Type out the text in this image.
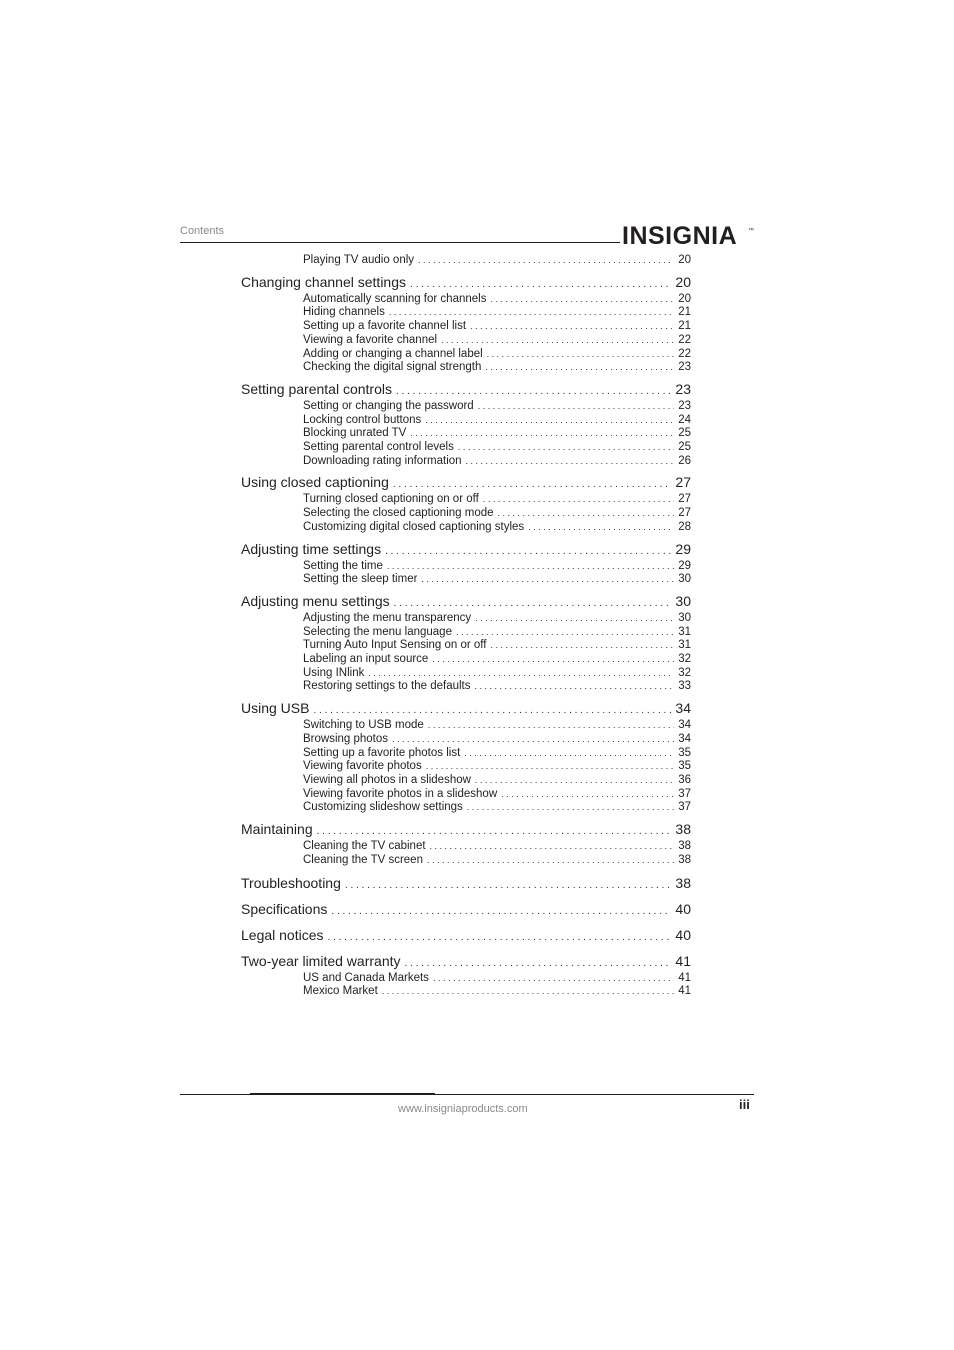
Contents	INSIGNIA ™
Playing TV audio only . . .	20
Changing channel settings . . .	20
Automatically scanning for channels . . .	20
Hiding channels . . .	21
Setting up a favorite channel list . . .	21
Viewing a favorite channel . . .	22
Adding or changing a channel label . . .	22
Checking the digital signal strength . . .	23
Setting parental controls . . .	23
Setting or changing the password . . .	23
Locking control buttons . . .	24
Blocking unrated TV . . .	25
Setting parental control levels . . .	25
Downloading rating information . . .	26
Using closed captioning . . .	27
Turning closed captioning on or off . . .	27
Selecting the closed captioning mode . . .	27
Customizing digital closed captioning styles . . .	28
Adjusting time settings . . .	29
Setting the time . . .	29
Setting the sleep timer . . .	30
Adjusting menu settings . . .	30
Adjusting the menu transparency . . .	30
Selecting the menu language . . .	31
Turning Auto Input Sensing on or off . . .	31
Labeling an input source . . .	32
Using INlink . . .	32
Restoring settings to the defaults . . .	33
Using USB . . .	34
Switching to USB mode . . .	34
Browsing photos . . .	34
Setting up a favorite photos list . . .	35
Viewing favorite photos . . .	35
Viewing all photos in a slideshow . . .	36
Viewing favorite photos in a slideshow . . .	37
Customizing slideshow settings . . .	37
Maintaining . . .	38
Cleaning the TV cabinet . . .	38
Cleaning the TV screen . . .	38
Troubleshooting . . .	38
Specifications . . .	40
Legal notices . . .	40
Two-year limited warranty . . .	41
US and Canada Markets . . .	41
Mexico Market . . .	41
www.insigniaproducts.com	iii
